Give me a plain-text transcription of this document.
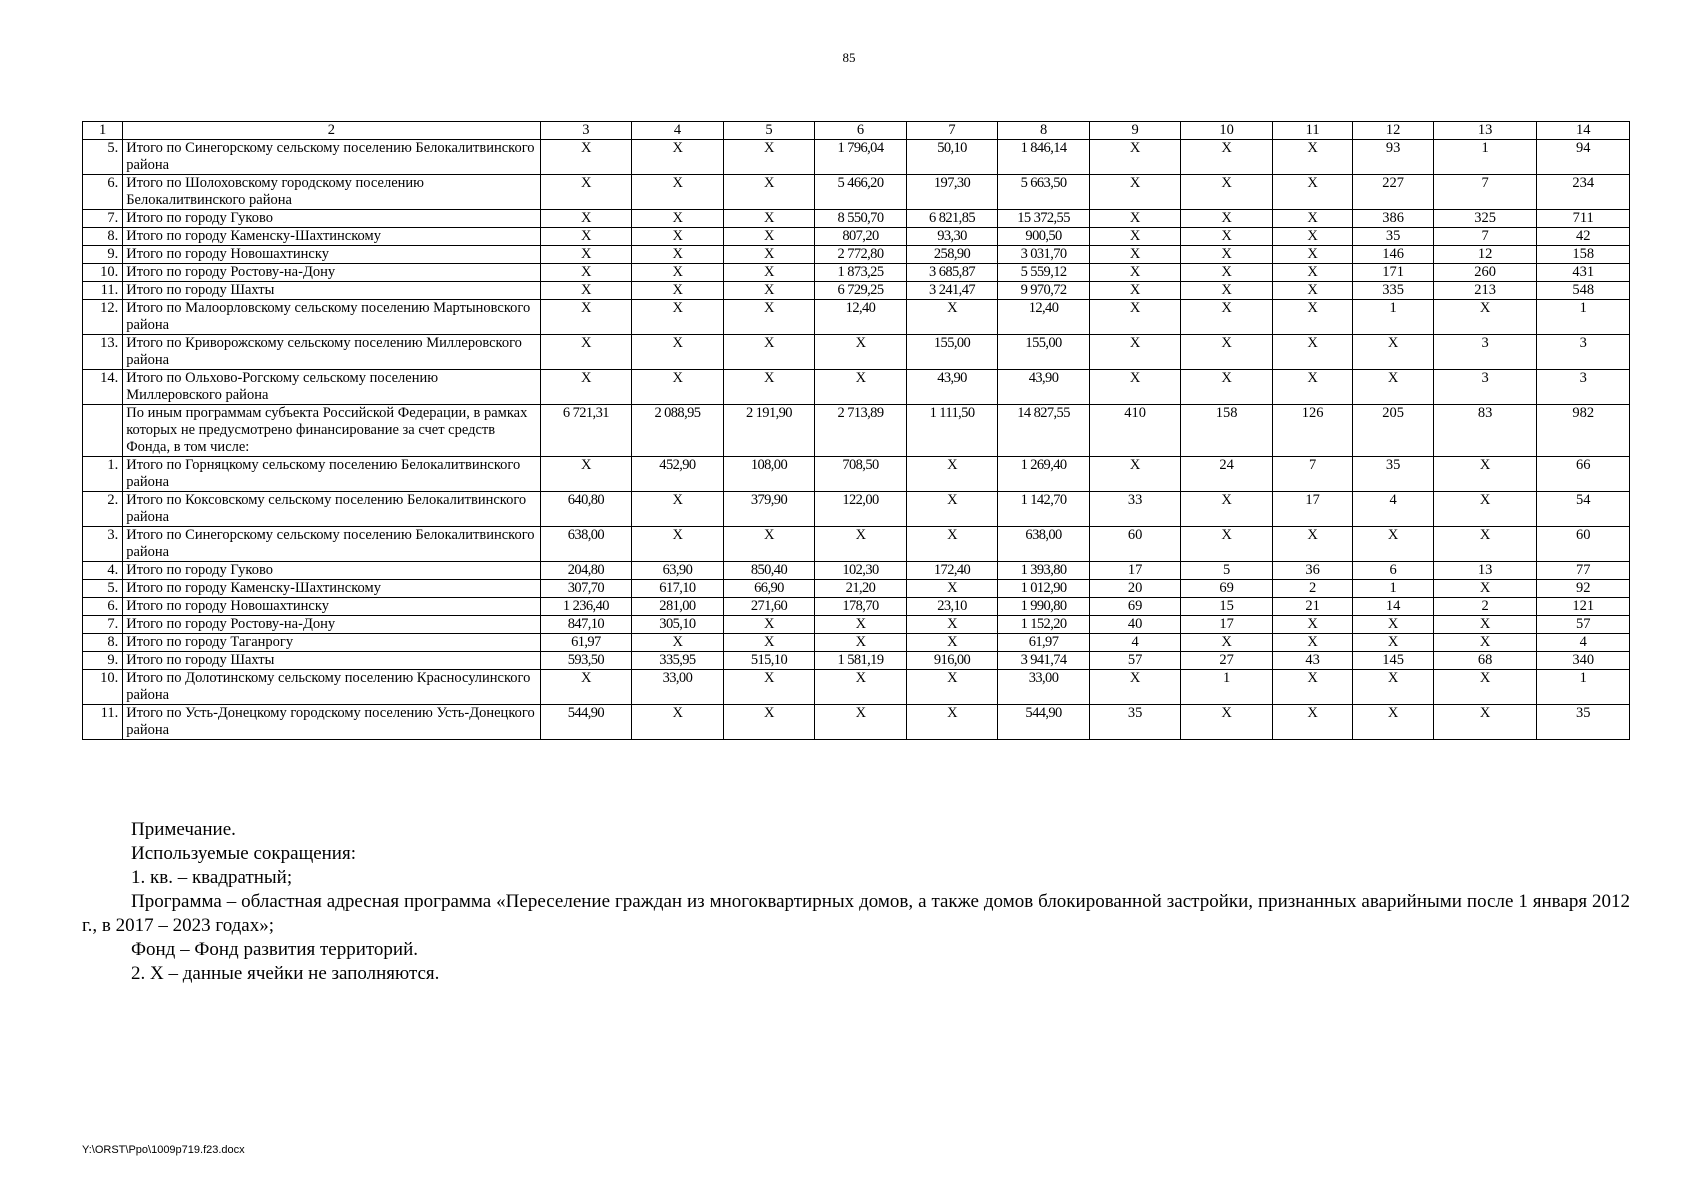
85
1	2	3	4	5	6	7	8	9	10	11	12	13	14
5.	Итого по Синегорскому сельскому поселению Белокалитвинского района	Х	Х	Х	1 796,04	50,10	1 846,14	Х	Х	Х	93	1	94
6.	Итого по Шолоховскому городскому поселению Белокалитвинского района	Х	Х	Х	5 466,20	197,30	5 663,50	Х	Х	Х	227	7	234
7.	Итого по городу Гуково	Х	Х	Х	8 550,70	6 821,85	15 372,55	Х	Х	Х	386	325	711
8.	Итого по городу Каменску-Шахтинскому	Х	Х	Х	807,20	93,30	900,50	Х	Х	Х	35	7	42
9.	Итого по городу Новошахтинску	Х	Х	Х	2 772,80	258,90	3 031,70	Х	Х	Х	146	12	158
10.	Итого по городу Ростову-на-Дону	Х	Х	Х	1 873,25	3 685,87	5 559,12	Х	Х	Х	171	260	431
11.	Итого по городу Шахты	Х	Х	Х	6 729,25	3 241,47	9 970,72	Х	Х	Х	335	213	548
12.	Итого по Малоорловскому сельскому поселению Мартыновского района	Х	Х	Х	12,40	Х	12,40	Х	Х	Х	1	Х	1
13.	Итого по Криворожскому сельскому поселению Миллеровского района	Х	Х	Х	Х	155,00	155,00	Х	Х	Х	Х	3	3
14.	Итого по Ольхово-Рогскому сельскому поселению Миллеровского района	Х	Х	Х	Х	43,90	43,90	Х	Х	Х	Х	3	3
	По иным программам субъекта Российской Федерации, в рамках которых не предусмотрено финансирование за счет средств Фонда, в том числе:	6 721,31	2 088,95	2 191,90	2 713,89	1 111,50	14 827,55	410	158	126	205	83	982
1.	Итого по Горняцкому сельскому поселению Белокалитвинского района	Х	452,90	108,00	708,50	Х	1 269,40	Х	24	7	35	Х	66
2.	Итого по Коксовскому сельскому поселению Белокалитвинского района	640,80	Х	379,90	122,00	Х	1 142,70	33	Х	17	4	Х	54
3.	Итого по Синегорскому сельскому поселению Белокалитвинского района	638,00	Х	Х	Х	Х	638,00	60	Х	Х	Х	Х	60
4.	Итого по городу Гуково	204,80	63,90	850,40	102,30	172,40	1 393,80	17	5	36	6	13	77
5.	Итого по городу Каменску-Шахтинскому	307,70	617,10	66,90	21,20	Х	1 012,90	20	69	2	1	Х	92
6.	Итого по городу Новошахтинску	1 236,40	281,00	271,60	178,70	23,10	1 990,80	69	15	21	14	2	121
7.	Итого по городу Ростову-на-Дону	847,10	305,10	Х	Х	Х	1 152,20	40	17	Х	Х	Х	57
8.	Итого по городу Таганрогу	61,97	Х	Х	Х	Х	61,97	4	Х	Х	Х	Х	4
9.	Итого по городу Шахты	593,50	335,95	515,10	1 581,19	916,00	3 941,74	57	27	43	145	68	340
10.	Итого по Долотинскому сельскому поселению Красносулинского района	Х	33,00	Х	Х	Х	33,00	Х	1	Х	Х	Х	1
11.	Итого по Усть-Донецкому городскому поселению Усть-Донецкого района	544,90	Х	Х	Х	Х	544,90	35	Х	Х	Х	Х	35

Примечание.

Используемые сокращения:

1. кв. – квадратный;

Программа – областная адресная программа «Переселение граждан из многоквартирных домов, а также домов блокированной застройки, признанных аварийными после 1 января 2012 г., в 2017 – 2023 годах»;

Фонд – Фонд развития территорий.

2. Х – данные ячейки не заполняются.

Y:\ORST\Ppo\1009p719.f23.docx
